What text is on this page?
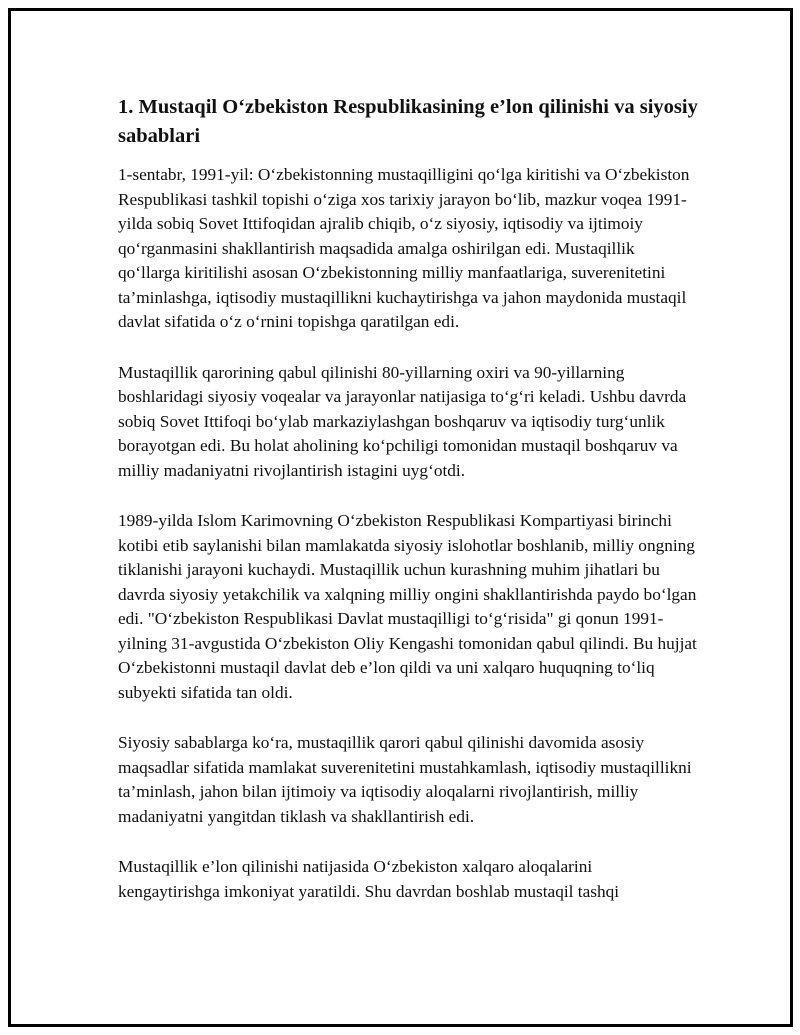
1. Mustaqil O‘zbekiston Respublikasining e’lon qilinishi va siyosiy sabablari

1-sentabr, 1991-yil: O‘zbekistonning mustaqilligini qo‘lga kiritishi va O‘zbekiston Respublikasi tashkil topishi o‘ziga xos tarixiy jarayon bo‘lib, mazkur voqea 1991-yilda sobiq Sovet Ittifoqidan ajralib chiqib, o‘z siyosiy, iqtisodiy va ijtimoiy qo‘rganmasini shakllantirish maqsadida amalga oshirilgan edi. Mustaqillik qo‘llarga kiritilishi asosan O‘zbekistonning milliy manfaatlariga, suverenitetini ta’minlashga, iqtisodiy mustaqillikni kuchaytirishga va jahon maydonida mustaqil davlat sifatida o‘z o‘rnini topishga qaratilgan edi.

Mustaqillik qarorining qabul qilinishi 80-yillarning oxiri va 90-yillarning boshlaridagi siyosiy voqealar va jarayonlar natijasiga to‘g‘ri keladi. Ushbu davrda sobiq Sovet Ittifoqi bo‘ylab markaziylashgan boshqaruv va iqtisodiy turg‘unlik borayotgan edi. Bu holat aholining ko‘pchiligi tomonidan mustaqil boshqaruv va milliy madaniyatni rivojlantirish istagini uyg‘otdi.

1989-yilda Islom Karimovning O‘zbekiston Respublikasi Kompartiyasi birinchi kotibi etib saylanishi bilan mamlakatda siyosiy islohotlar boshlanib, milliy ongning tiklanishi jarayoni kuchaydi. Mustaqillik uchun kurashning muhim jihatlari bu davrda siyosiy yetakchilik va xalqning milliy ongini shakllantirishda paydo bo‘lgan edi. "O‘zbekiston Respublikasi Davlat mustaqilligi to‘g‘risida" gi qonun 1991-yilning 31-avgustida O‘zbekiston Oliy Kengashi tomonidan qabul qilindi. Bu hujjat O‘zbekistonni mustaqil davlat deb e’lon qildi va uni xalqaro huquqning to‘liq subyekti sifatida tan oldi.

Siyosiy sabablarga ko‘ra, mustaqillik qarori qabul qilinishi davomida asosiy maqsadlar sifatida mamlakat suverenitetini mustahkamlash, iqtisodiy mustaqillikni ta’minlash, jahon bilan ijtimoiy va iqtisodiy aloqalarni rivojlantirish, milliy madaniyatni yangitdan tiklash va shakllantirish edi.

Mustaqillik e’lon qilinishi natijasida O‘zbekiston xalqaro aloqalarini kengaytirishga imkoniyat yaratildi. Shu davrdan boshlab mustaqil tashqi
